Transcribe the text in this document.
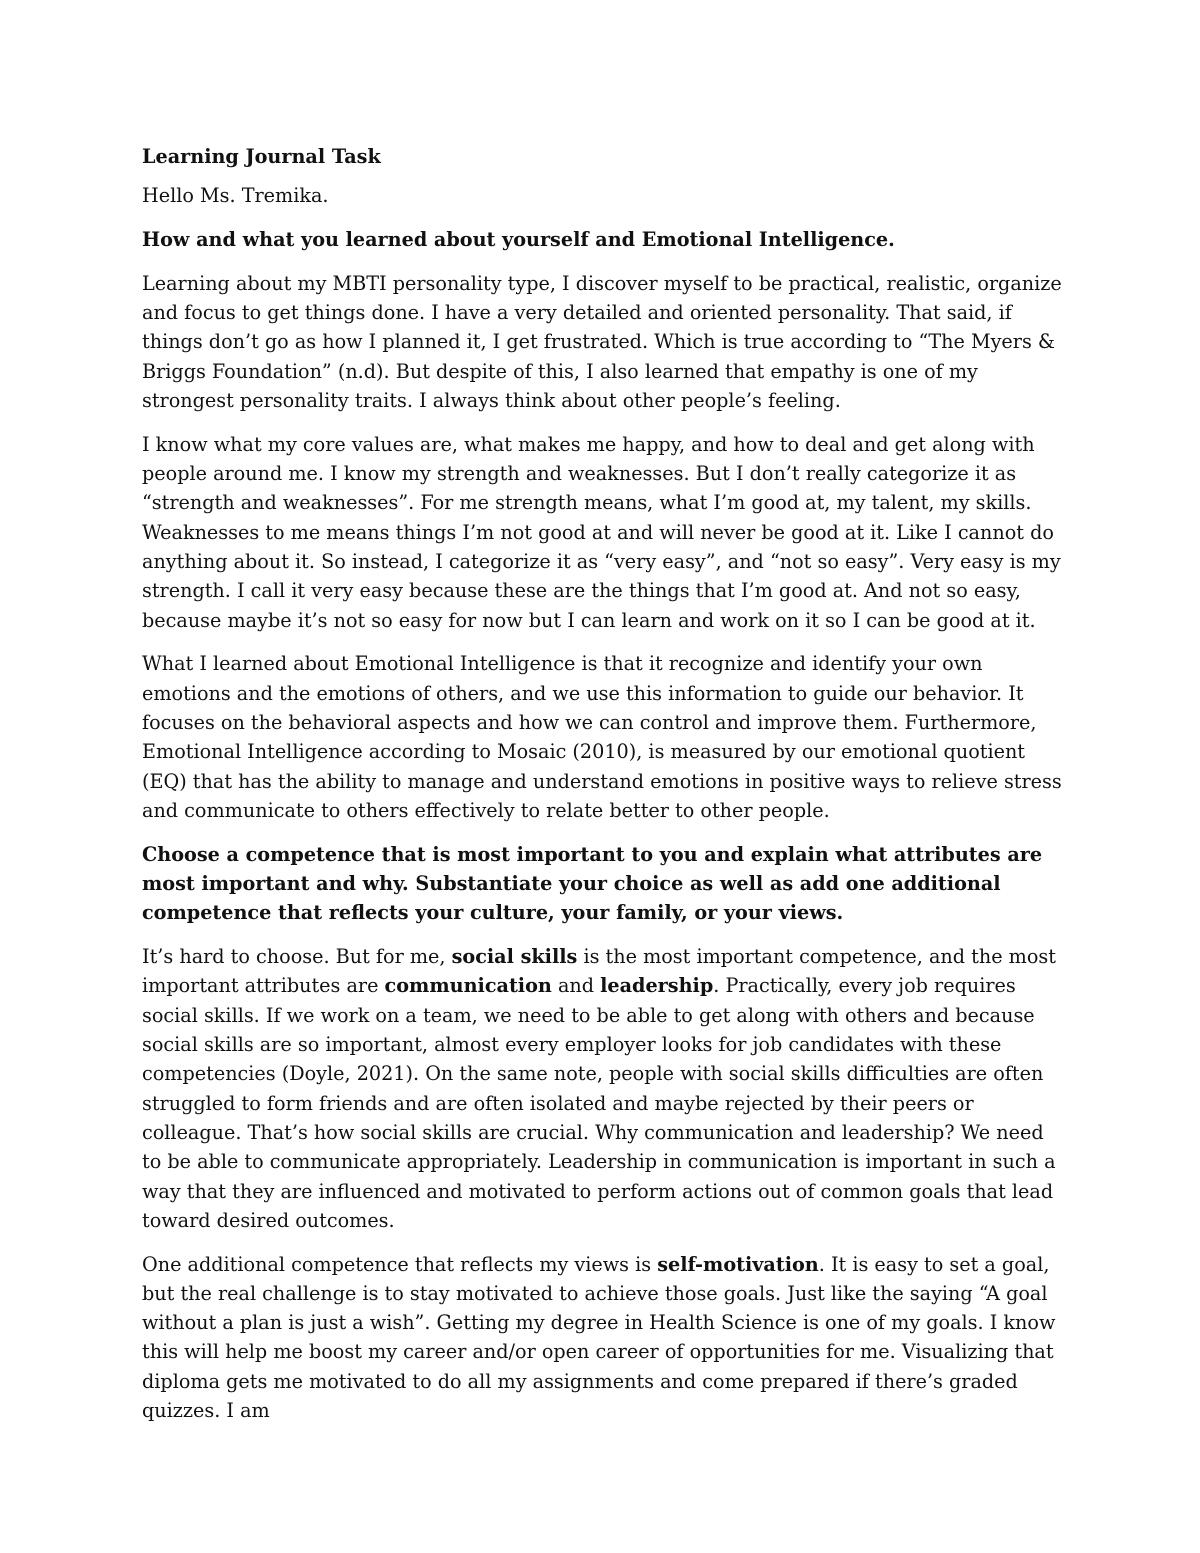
Learning Journal Task

Hello Ms. Tremika.

How and what you learned about yourself and Emotional Intelligence.

Learning about my MBTI personality type, I discover myself to be practical, realistic, organize and focus to get things done. I have a very detailed and oriented personality. That said, if things don’t go as how I planned it, I get frustrated. Which is true according to “The Myers & Briggs Foundation” (n.d). But despite of this, I also learned that empathy is one of my strongest personality traits. I always think about other people’s feeling.

I know what my core values are, what makes me happy, and how to deal and get along with people around me. I know my strength and weaknesses. But I don’t really categorize it as “strength and weaknesses”. For me strength means, what I’m good at, my talent, my skills. Weaknesses to me means things I’m not good at and will never be good at it. Like I cannot do anything about it. So instead, I categorize it as “very easy”, and “not so easy”. Very easy is my strength. I call it very easy because these are the things that I’m good at. And not so easy, because maybe it’s not so easy for now but I can learn and work on it so I can be good at it.

What I learned about Emotional Intelligence is that it recognize and identify your own emotions and the emotions of others, and we use this information to guide our behavior. It focuses on the behavioral aspects and how we can control and improve them. Furthermore, Emotional Intelligence according to Mosaic (2010), is measured by our emotional quotient (EQ) that has the ability to manage and understand emotions in positive ways to relieve stress and communicate to others effectively to relate better to other people.

Choose a competence that is most important to you and explain what attributes are most important and why. Substantiate your choice as well as add one additional competence that reflects your culture, your family, or your views.

It’s hard to choose. But for me, social skills is the most important competence, and the most important attributes are communication and leadership. Practically, every job requires social skills. If we work on a team, we need to be able to get along with others and because social skills are so important, almost every employer looks for job candidates with these competencies (Doyle, 2021). On the same note, people with social skills difficulties are often struggled to form friends and are often isolated and maybe rejected by their peers or colleague. That’s how social skills are crucial. Why communication and leadership? We need to be able to communicate appropriately. Leadership in communication is important in such a way that they are influenced and motivated to perform actions out of common goals that lead toward desired outcomes.

One additional competence that reflects my views is self-motivation. It is easy to set a goal, but the real challenge is to stay motivated to achieve those goals. Just like the saying “A goal without a plan is just a wish”. Getting my degree in Health Science is one of my goals. I know this will help me boost my career and/or open career of opportunities for me. Visualizing that diploma gets me motivated to do all my assignments and come prepared if there’s graded quizzes. I am
